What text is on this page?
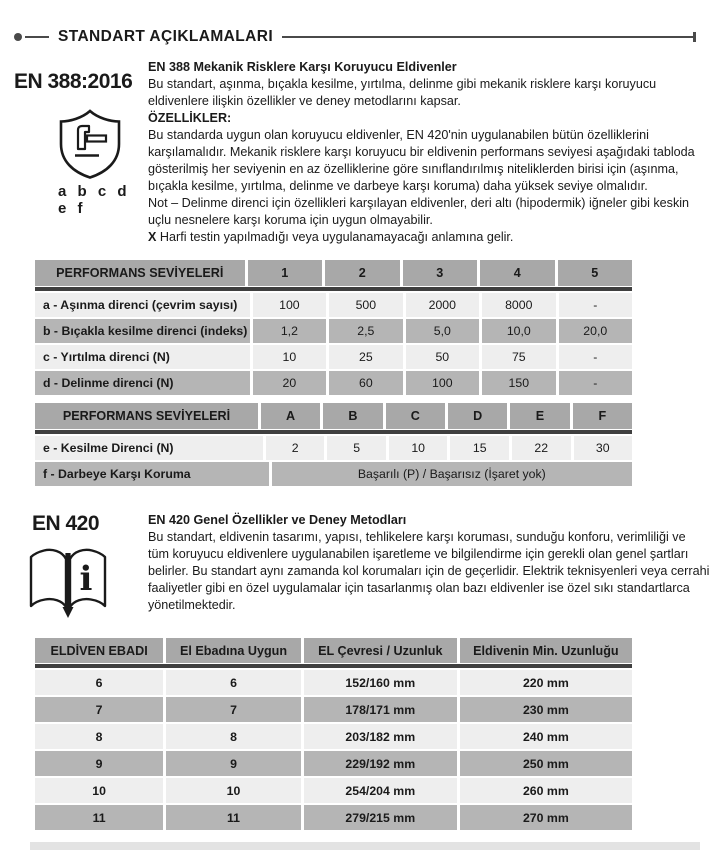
STANDART AÇIKLAMALARI
EN 388:2016
a b c d e f
EN 388 Mekanik Risklere Karşı Koruyucu Eldivenler
Bu standart, aşınma, bıçakla kesilme, yırtılma, delinme gibi mekanik risklere karşı koruyucu eldivenlere ilişkin özellikler ve deney metodlarını kapsar.
ÖZELLİKLER:
Bu standarda uygun olan koruyucu eldivenler, EN 420'nin uygulanabilen bütün özelliklerini karşılamalıdır. Mekanik risklere karşı koruyucu bir eldivenin performans seviyesi aşağıdaki tabloda gösterilmiş her seviyenin en az özelliklerine göre sınıflandırılmış niteliklerden birisi için (aşınma, bıçakla kesilme, yırtılma, delinme ve darbeye karşı koruma) daha yüksek seviye olmalıdır.
Not – Delinme direnci için özellikleri karşılayan eldivenler, deri altı (hipodermik) iğneler gibi keskin uçlu nesnelere karşı koruma için uygun olmayabilir.
X Harfi testin yapılmadığı veya uygulanamayacağı anlamına gelir.
PERFORMANS SEVİYELERİ	1	2	3	4	5
a - Aşınma direnci (çevrim sayısı)	100	500	2000	8000	-
b - Bıçakla kesilme direnci (indeks)	1,2	2,5	5,0	10,0	20,0
c - Yırtılma direnci (N)	10	25	50	75	-
d - Delinme direnci (N)	20	60	100	150	-
PERFORMANS SEVİYELERİ	A	B	C	D	E	F
e - Kesilme Direnci (N)	2	5	10	15	22	30
f - Darbeye Karşı Koruma	Başarılı (P) / Başarısız (İşaret yok)
EN 420
i
EN 420 Genel Özellikler ve Deney Metodları
Bu standart, eldivenin tasarımı, yapısı, tehlikelere karşı koruması, sunduğu konforu, verimliliği ve tüm koruyucu eldivenlere uygulanabilen işaretleme ve bilgilendirme için gerekli olan genel şartları belirler. Bu standart aynı zamanda kol korumaları için de geçerlidir. Elektrik teknisyenleri veya cerrahi faaliyetler gibi en özel uygulamalar için tasarlanmış olan bazı eldivenler ise özel sıkı standartlarca yönetilmektedir.
ELDİVEN EBADI	El Ebadına Uygun	EL Çevresi / Uzunluk	Eldivenin Min. Uzunluğu
6	6	152/160 mm	220 mm
7	7	178/171 mm	230 mm
8	8	203/182 mm	240 mm
9	9	229/192 mm	250 mm
10	10	254/204 mm	260 mm
11	11	279/215 mm	270 mm
